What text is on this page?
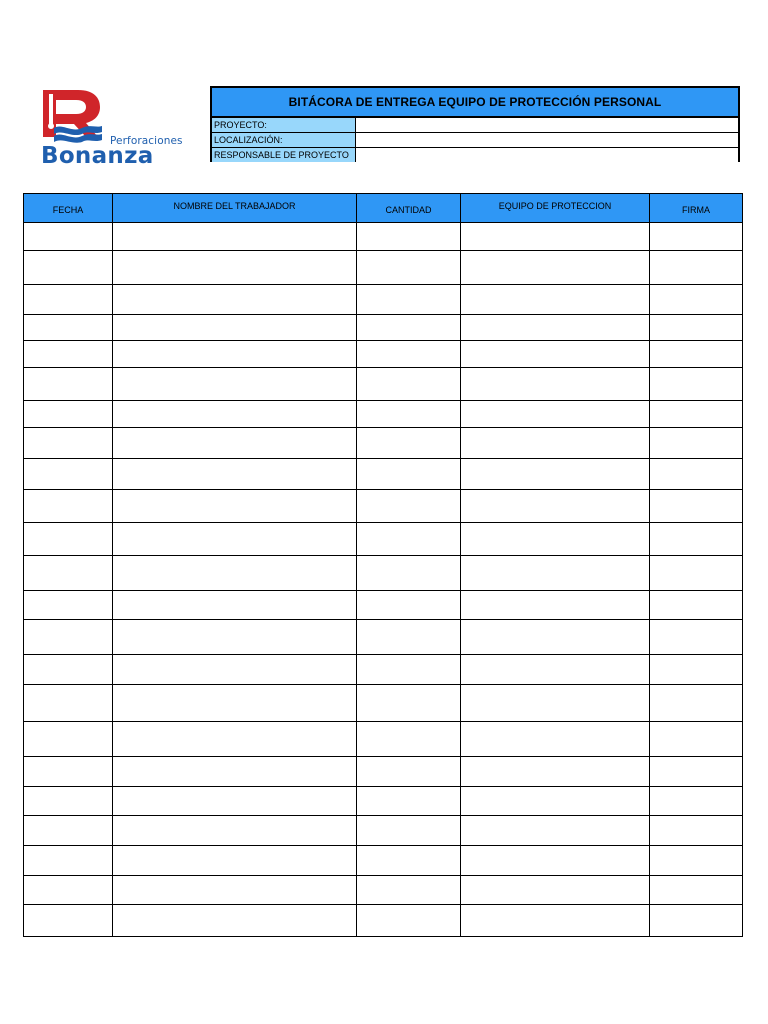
Perforaciones
Bonanza
BITÁCORA DE ENTREGA EQUIPO DE PROTECCIÓN PERSONAL
PROYECTO:
LOCALIZACIÓN:
RESPONSABLE DE PROYECTO
FECHA	NOMBRE DEL TRABAJADOR	CANTIDAD	EQUIPO DE PROTECCION	FIRMA
